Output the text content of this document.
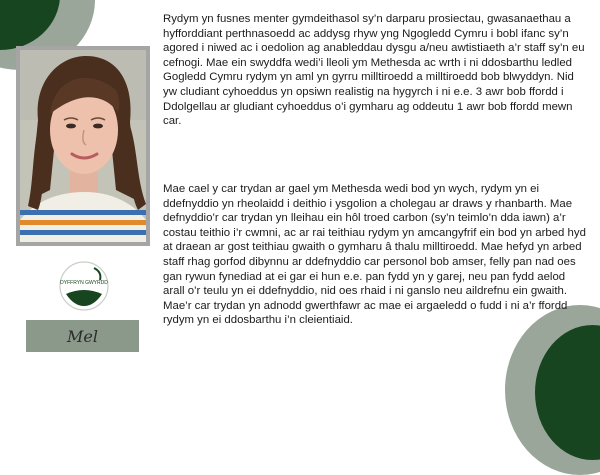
DYFFRYN GWYRDD
Mel

Rydym yn fusnes menter gymdeithasol sy’n darparu prosiectau, gwasanaethau a hyfforddiant perthnasoedd ac addysg rhyw yng Ngogledd Cymru i bobl ifanc sy’n agored i niwed ac i oedolion ag anableddau dysgu a/neu awtistiaeth a’r staff sy’n eu cefnogi. Mae ein swyddfa wedi’i lleoli ym Methesda ac wrth i ni ddosbarthu ledled Gogledd Cymru rydym yn aml yn gyrru milltiroedd a milltiroedd bob blwyddyn. Nid yw cludiant cyhoeddus yn opsiwn realistig na hygyrch i ni e.e. 3 awr bob ffordd i Ddolgellau ar gludiant cyhoeddus o’i gymharu ag oddeutu 1 awr bob ffordd mewn car.

Mae cael y car trydan ar gael ym Methesda wedi bod yn wych, rydym yn ei ddefnyddio yn rheolaidd i deithio i ysgolion a cholegau ar draws y rhanbarth. Mae defnyddio’r car trydan yn lleihau ein hôl troed carbon (sy’n teimlo’n dda iawn) a’r costau teithio i’r cwmni, ac ar rai teithiau rydym yn amcangyfrif ein bod yn arbed hyd at draean ar gost teithiau gwaith o gymharu â thalu milltiroedd. Mae hefyd yn arbed staff rhag gorfod dibynnu ar ddefnyddio car personol bob amser, felly pan nad oes gan rywun fynediad at ei gar ei hun e.e. pan fydd yn y garej, neu pan fydd aelod arall o’r teulu yn ei ddefnyddio, nid oes rhaid i ni ganslo neu aildrefnu ein gwaith. Mae’r car trydan yn adnodd gwerthfawr ac mae ei argaeledd o fudd i ni a’r ffordd rydym yn ei ddosbarthu i’n cleientiaid.
